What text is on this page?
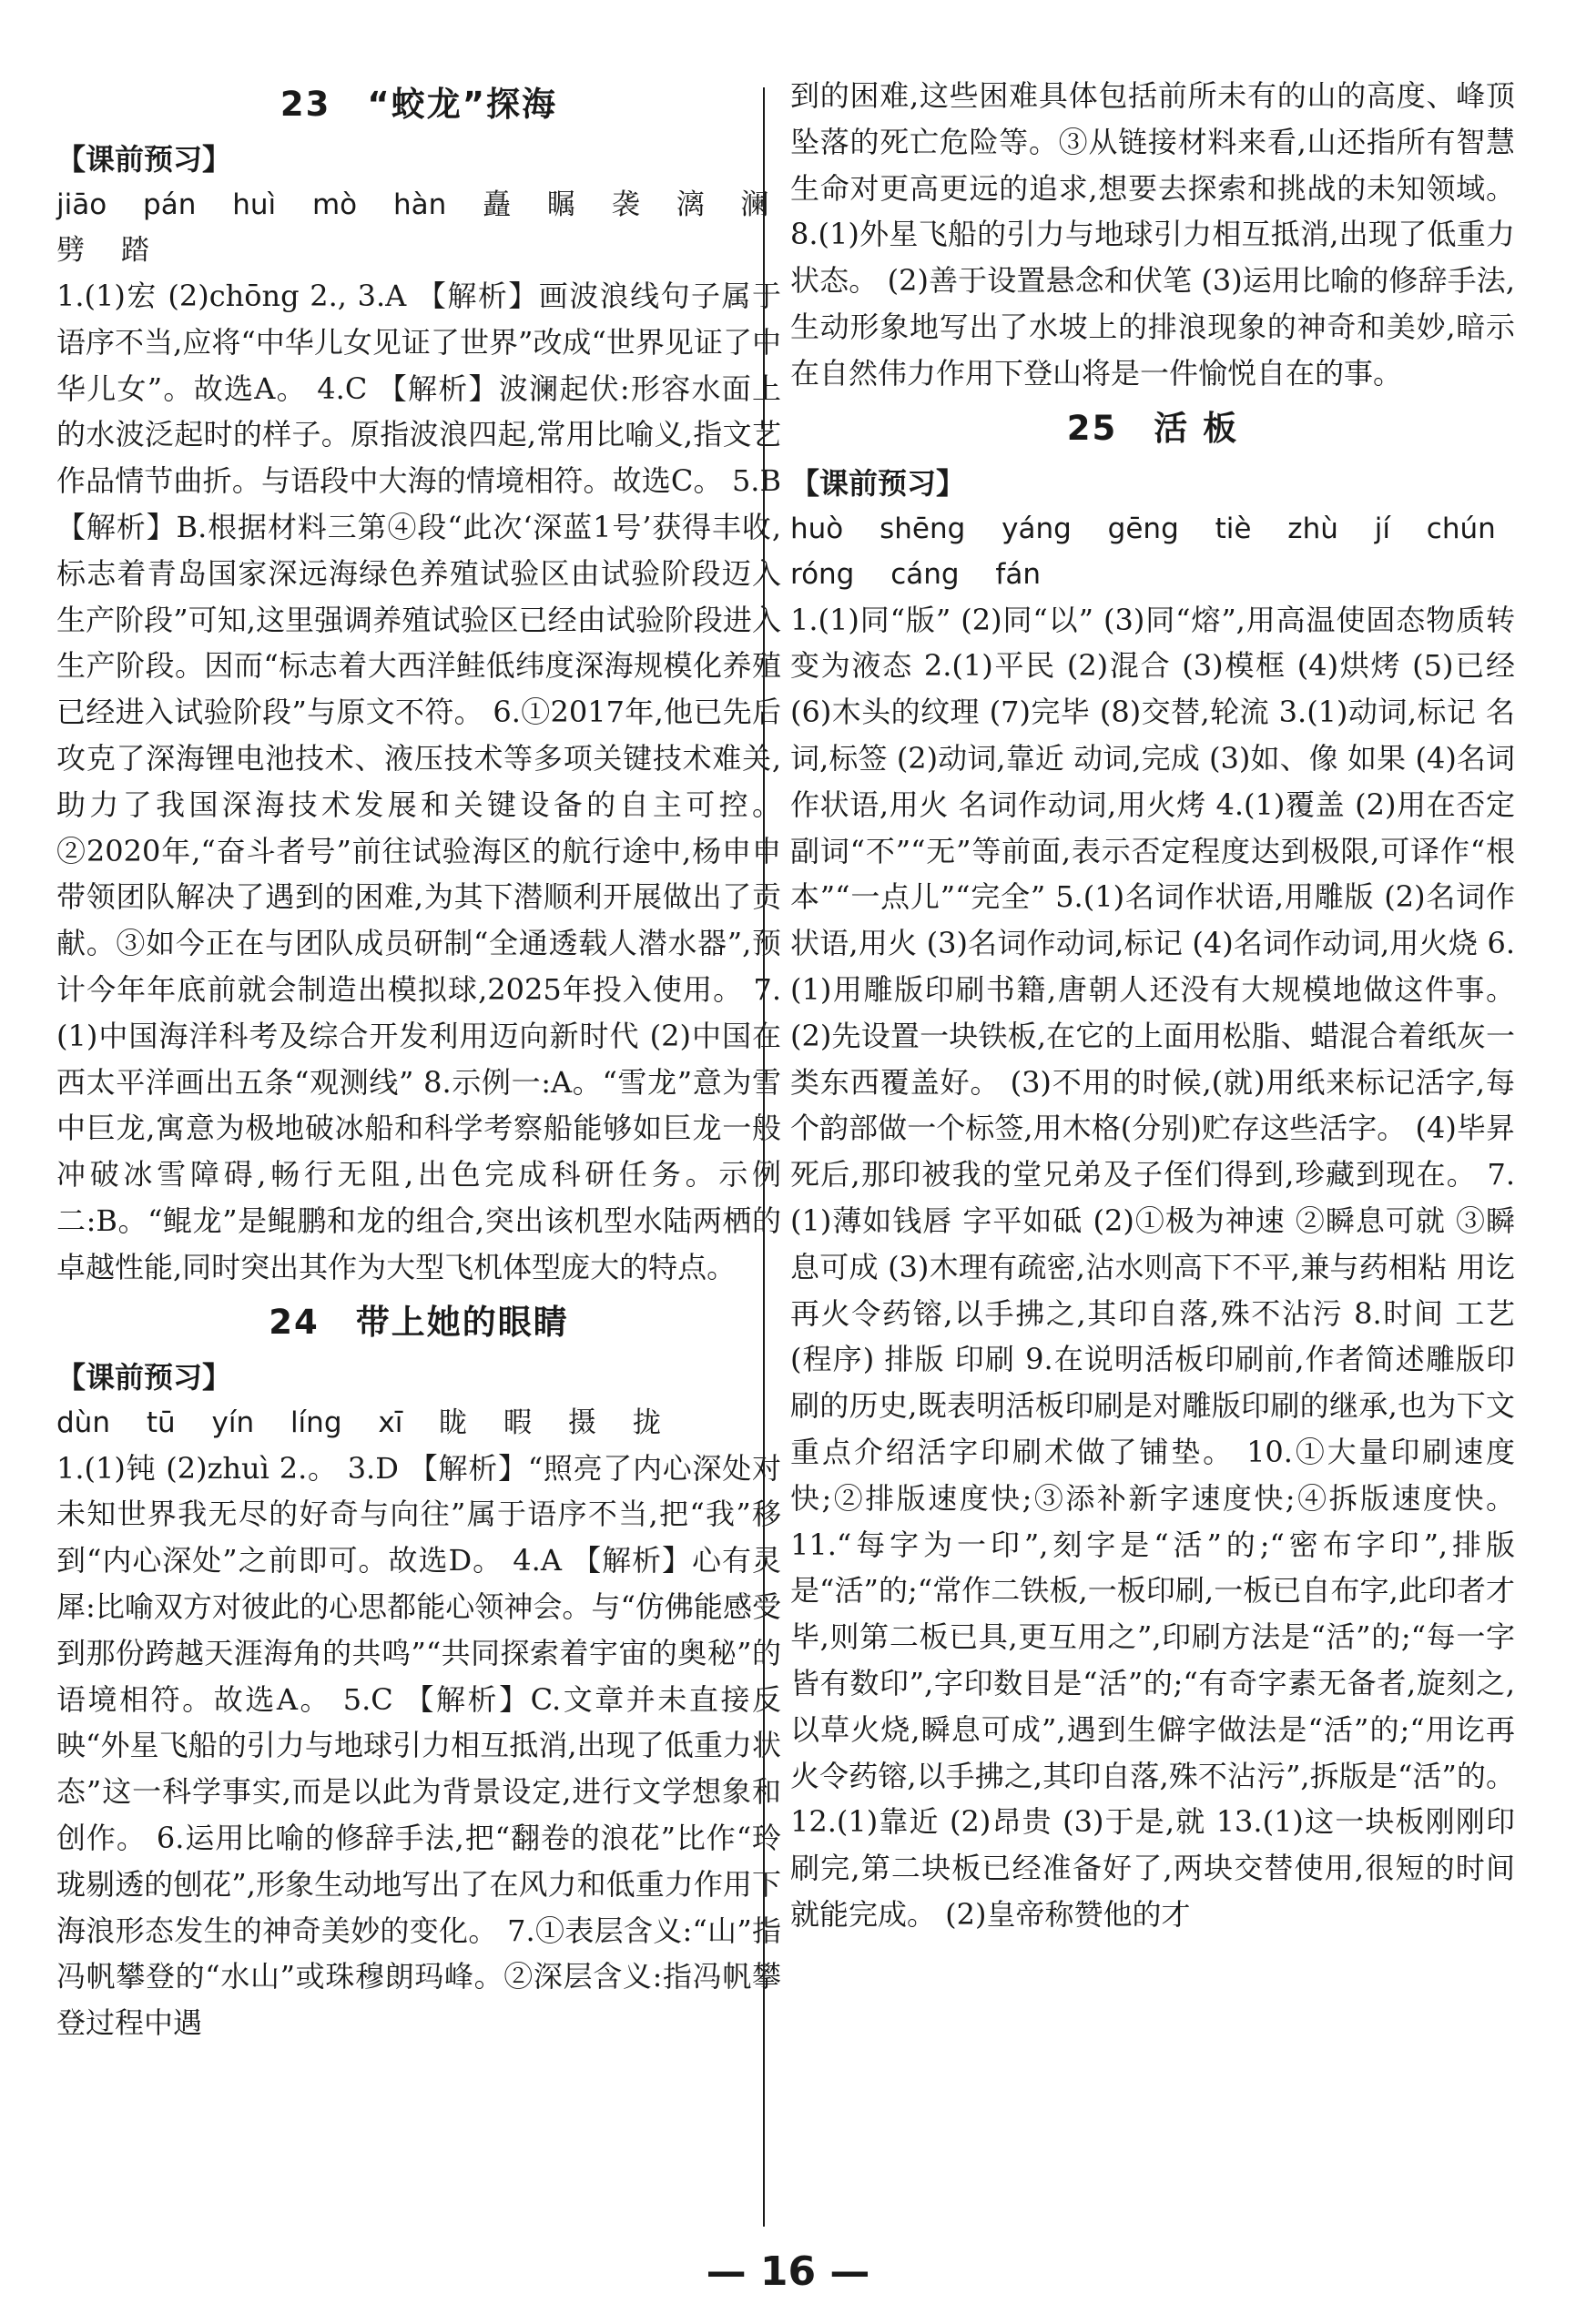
23 “蛟龙”探海
【课前预习】
jiāo pán huì mò hàn 矗 瞩 袭 漓 澜 劈 踏

1.(1)宏 (2)chōng 2., 3.A 【解析】画波浪线句子属于语序不当,应将“中华儿女见证了世界”改成“世界见证了中华儿女”。故选A。 4.C 【解析】波澜起伏:形容水面上的水波泛起时的样子。原指波浪四起,常用比喻义,指文艺作品情节曲折。与语段中大海的情境相符。故选C。 5.B 【解析】B.根据材料三第④段“此次‘深蓝1号’获得丰收,标志着青岛国家深远海绿色养殖试验区由试验阶段迈入生产阶段”可知,这里强调养殖试验区已经由试验阶段进入生产阶段。因而“标志着大西洋鲑低纬度深海规模化养殖已经进入试验阶段”与原文不符。 6.①2017年,他已先后攻克了深海锂电池技术、液压技术等多项关键技术难关,助力了我国深海技术发展和关键设备的自主可控。②2020年,“奋斗者号”前往试验海区的航行途中,杨申申带领团队解决了遇到的困难,为其下潜顺利开展做出了贡献。③如今正在与团队成员研制“全通透载人潜水器”,预计今年年底前就会制造出模拟球,2025年投入使用。 7.(1)中国海洋科考及综合开发利用迈向新时代 (2)中国在西太平洋画出五条“观测线” 8.示例一:A。“雪龙”意为雪中巨龙,寓意为极地破冰船和科学考察船能够如巨龙一般冲破冰雪障碍,畅行无阻,出色完成科研任务。示例二:B。“鲲龙”是鲲鹏和龙的组合,突出该机型水陆两栖的卓越性能,同时突出其作为大型飞机体型庞大的特点。

24 带上她的眼睛
【课前预习】
dùn tū yín líng xī 眬 暇 摄 拢

1.(1)钝 (2)zhuì 2.。 3.D 【解析】“照亮了内心深处对未知世界我无尽的好奇与向往”属于语序不当,把“我”移到“内心深处”之前即可。故选D。 4.A 【解析】心有灵犀:比喻双方对彼此的心思都能心领神会。与“仿佛能感受到那份跨越天涯海角的共鸣”“共同探索着宇宙的奥秘”的语境相符。故选A。 5.C 【解析】C.文章并未直接反映“外星飞船的引力与地球引力相互抵消,出现了低重力状态”这一科学事实,而是以此为背景设定,进行文学想象和创作。 6.运用比喻的修辞手法,把“翻卷的浪花”比作“玲珑剔透的刨花”,形象生动地写出了在风力和低重力作用下海浪形态发生的神奇美妙的变化。 7.①表层含义:“山”指冯帆攀登的“水山”或珠穆朗玛峰。②深层含义:指冯帆攀登过程中遇

到的困难,这些困难具体包括前所未有的山的高度、峰顶坠落的死亡危险等。③从链接材料来看,山还指所有智慧生命对更高更远的追求,想要去探索和挑战的未知领域。 8.(1)外星飞船的引力与地球引力相互抵消,出现了低重力状态。 (2)善于设置悬念和伏笔 (3)运用比喻的修辞手法,生动形象地写出了水坡上的排浪现象的神奇和美妙,暗示在自然伟力作用下登山将是一件愉悦自在的事。

25 活 板
【课前预习】
huò shēng yáng gēng tiè zhù jí chún róng cáng fán

1.(1)同“版” (2)同“以” (3)同“熔”,用高温使固态物质转变为液态 2.(1)平民 (2)混合 (3)模框 (4)烘烤 (5)已经 (6)木头的纹理 (7)完毕 (8)交替,轮流 3.(1)动词,标记 名词,标签 (2)动词,靠近 动词,完成 (3)如、像 如果 (4)名词作状语,用火 名词作动词,用火烤 4.(1)覆盖 (2)用在否定副词“不”“无”等前面,表示否定程度达到极限,可译作“根本”“一点儿”“完全” 5.(1)名词作状语,用雕版 (2)名词作状语,用火 (3)名词作动词,标记 (4)名词作动词,用火烧 6.(1)用雕版印刷书籍,唐朝人还没有大规模地做这件事。 (2)先设置一块铁板,在它的上面用松脂、蜡混合着纸灰一类东西覆盖好。 (3)不用的时候,(就)用纸来标记活字,每个韵部做一个标签,用木格(分别)贮存这些活字。 (4)毕昇死后,那印被我的堂兄弟及子侄们得到,珍藏到现在。 7.(1)薄如钱唇 字平如砥 (2)①极为神速 ②瞬息可就 ③瞬息可成 (3)木理有疏密,沾水则高下不平,兼与药相粘 用讫再火令药镕,以手拂之,其印自落,殊不沾污 8.时间 工艺(程序) 排版 印刷 9.在说明活板印刷前,作者简述雕版印刷的历史,既表明活板印刷是对雕版印刷的继承,也为下文重点介绍活字印刷术做了铺垫。 10.①大量印刷速度快;②排版速度快;③添补新字速度快;④拆版速度快。 11.“每字为一印”,刻字是“活”的;“密布字印”,排版是“活”的;“常作二铁板,一板印刷,一板已自布字,此印者才毕,则第二板已具,更互用之”,印刷方法是“活”的;“每一字皆有数印”,字印数目是“活”的;“有奇字素无备者,旋刻之,以草火烧,瞬息可成”,遇到生僻字做法是“活”的;“用讫再火令药镕,以手拂之,其印自落,殊不沾污”,拆版是“活”的。 12.(1)靠近 (2)昂贵 (3)于是,就 13.(1)这一块板刚刚印刷完,第二块板已经准备好了,两块交替使用,很短的时间就能完成。 (2)皇帝称赞他的才

— 16 —
